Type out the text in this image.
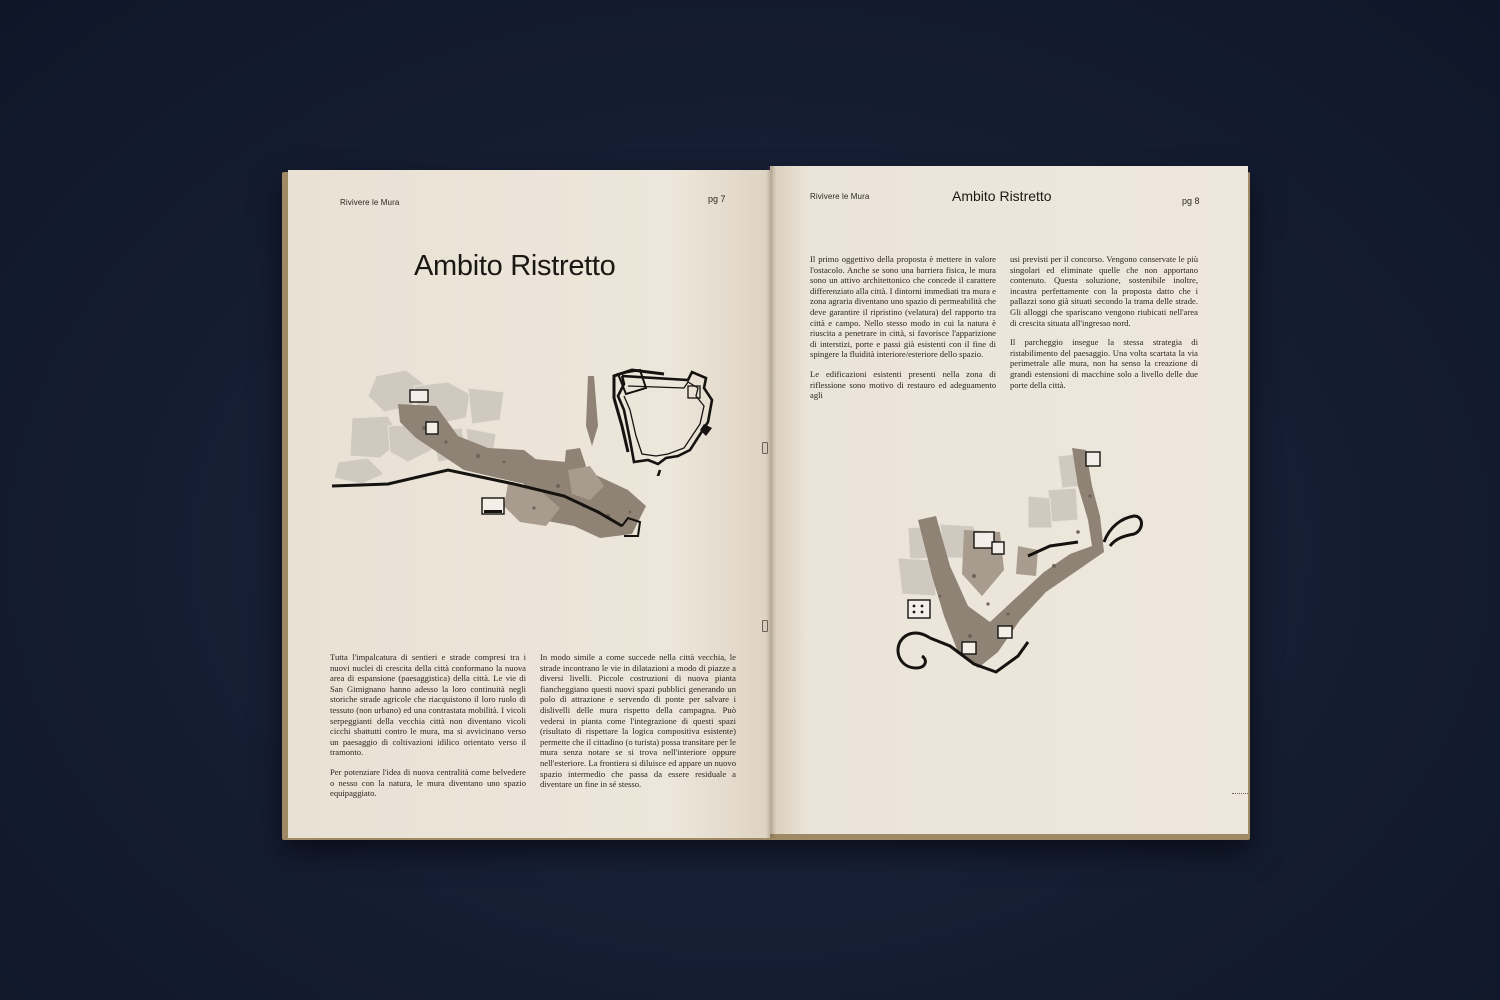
Rivivere le Mura	pg 7
Ambito Ristretto

Tutta l'impalcatura di sentieri e strade compresi tra i nuovi nuclei di crescita della città conformano la nuova area di espansione (paesaggistica) della città. Le vie di San Gimignano hanno adesso la loro continuità negli storiche strade agricole che riacquistono il loro ruolo di tessuto (non urbano) ed una contrastata mobilità. I vicoli serpeggianti della vecchia città non diventano vicoli cicchi sbattutti contro le mura, ma si avvicinano verso un paesaggio di coltivazioni idilico orientato verso il tramonto.

Per potenziare l'idea di nuova centralità come belvedere o nesso con la natura, le mura diventano uno spazio equipaggiato.

In modo simile a come succede nella città vecchia, le strade incontrano le vie in dilatazioni a modo di piazze a diversi livelli. Piccole costruzioni di nuova pianta fiancheggiano questi nuovi spazi pubblici generando un polo di attrazione e servendo di ponte per salvare i dislivelli delle mura rispetto della campagna. Può vedersi in pianta come l'integrazione di questi spazi (risultato di rispettare la logica compositiva esistente) permette che il cittadino (o turista) possa transitare per le mura senza notare se si trova nell'interiore oppure nell'esteriore. La frontiera si diluisce ed appare un nuovo spazio intermedio che passa da essere residuale a diventare un fine in sé stesso.

Rivivere le Mura	Ambito Ristretto	pg 8

Il primo oggettivo della proposta è mettere in valore l'ostacolo. Anche se sono una barriera fisica, le mura sono un attivo architettonico che concede il carattere differenziato alla città. I dintorni immediati tra mura e zona agraria diventano uno spazio di permeabilità che deve garantire il ripristino (velatura) del rapporto tra città e campo. Nello stesso modo in cui la natura è riuscita a penetrare in città, si favorisce l'apparizione di interstizi, porte e passi già esistenti con il fine di spingere la fluidità interiore/esteriore dello spazio.

Le edificazioni esistenti presenti nella zona di riflessione sono motivo di restauro ed adeguamento agli

usi previsti per il concorso. Vengono conservate le più singolari ed eliminate quelle che non apportano contenuto. Questa soluzione, sostenibile inoltre, incastra perfettamente con la proposta datto che i pallazzi sono già situati secondo la trama delle strade. Gli alloggi che spariscano vengono riubicati nell'area di crescita situata all'ingresso nord.

Il parcheggio insegue la stessa strategia di ristabilimento del paesaggio. Una volta scartata la via perimetrale alle mura, non ha senso la creazione di grandi estensioni di macchine solo a livello delle due porte della città.
